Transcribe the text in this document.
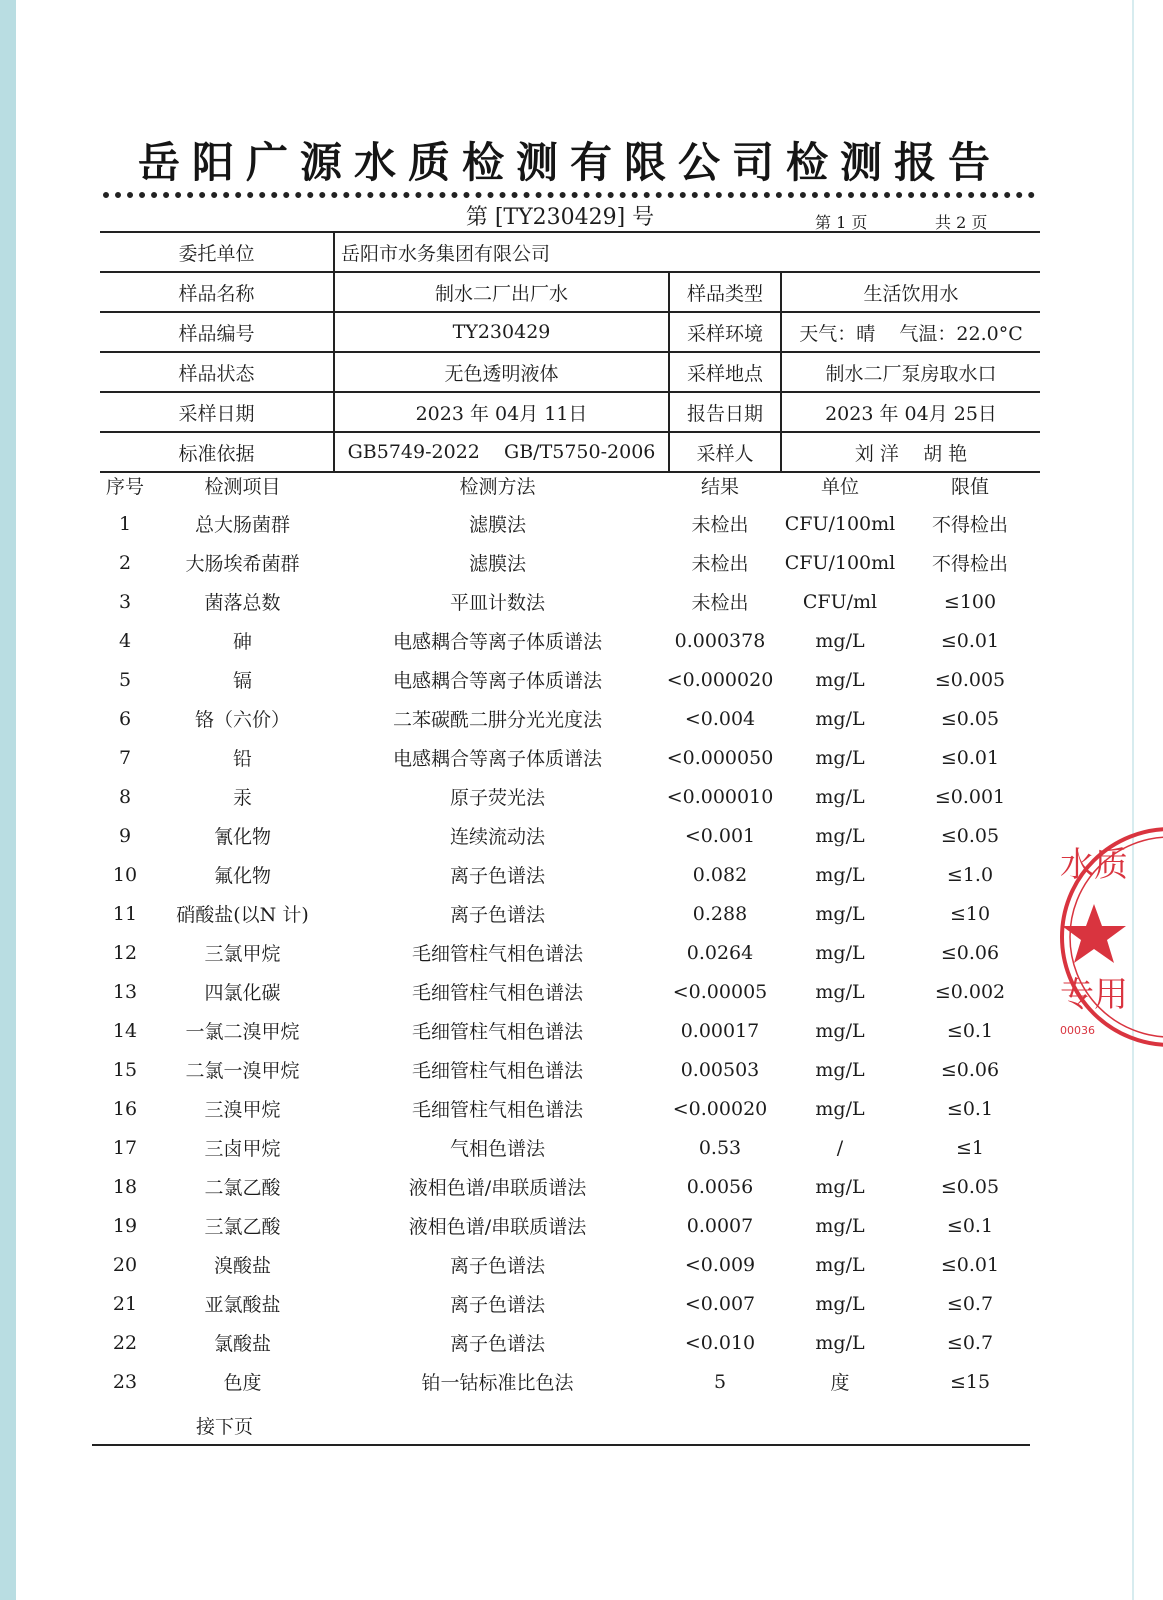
岳阳广源水质检测有限公司检测报告
第 [TY230429] 号	第 1 页	共 2 页
委托单位	岳阳市水务集团有限公司		
样品名称	制水二厂出厂水	样品类型	生活饮用水
样品编号	TY230429	采样环境	天气：晴    气温：22.0°C
样品状态	无色透明液体	采样地点	制水二厂泵房取水口
采样日期	2023 年 04月 11日	报告日期	2023 年 04月 25日
标准依据	GB5749-2022    GB/T5750-2006	采样人	刘 洋    胡 艳
序号	检测项目	检测方法	结果	单位	限值
1	总大肠菌群	滤膜法	未检出	CFU/100ml	不得检出
2	大肠埃希菌群	滤膜法	未检出	CFU/100ml	不得检出
3	菌落总数	平皿计数法	未检出	CFU/ml	≤100
4	砷	电感耦合等离子体质谱法	0.000378	mg/L	≤0.01
5	镉	电感耦合等离子体质谱法	<0.000020	mg/L	≤0.005
6	铬（六价）	二苯碳酰二肼分光光度法	<0.004	mg/L	≤0.05
7	铅	电感耦合等离子体质谱法	<0.000050	mg/L	≤0.01
8	汞	原子荧光法	<0.000010	mg/L	≤0.001
9	氰化物	连续流动法	<0.001	mg/L	≤0.05
10	氟化物	离子色谱法	0.082	mg/L	≤1.0
11	硝酸盐(以N 计)	离子色谱法	0.288	mg/L	≤10
12	三氯甲烷	毛细管柱气相色谱法	0.0264	mg/L	≤0.06
13	四氯化碳	毛细管柱气相色谱法	<0.00005	mg/L	≤0.002
14	一氯二溴甲烷	毛细管柱气相色谱法	0.00017	mg/L	≤0.1
15	二氯一溴甲烷	毛细管柱气相色谱法	0.00503	mg/L	≤0.06
16	三溴甲烷	毛细管柱气相色谱法	<0.00020	mg/L	≤0.1
17	三卤甲烷	气相色谱法	0.53	/	≤1
18	二氯乙酸	液相色谱/串联质谱法	0.0056	mg/L	≤0.05
19	三氯乙酸	液相色谱/串联质谱法	0.0007	mg/L	≤0.1
20	溴酸盐	离子色谱法	<0.009	mg/L	≤0.01
21	亚氯酸盐	离子色谱法	<0.007	mg/L	≤0.7
22	氯酸盐	离子色谱法	<0.010	mg/L	≤0.7
23	色度	铂一钴标准比色法	5	度	≤15
接下页
水质
专用
00036
